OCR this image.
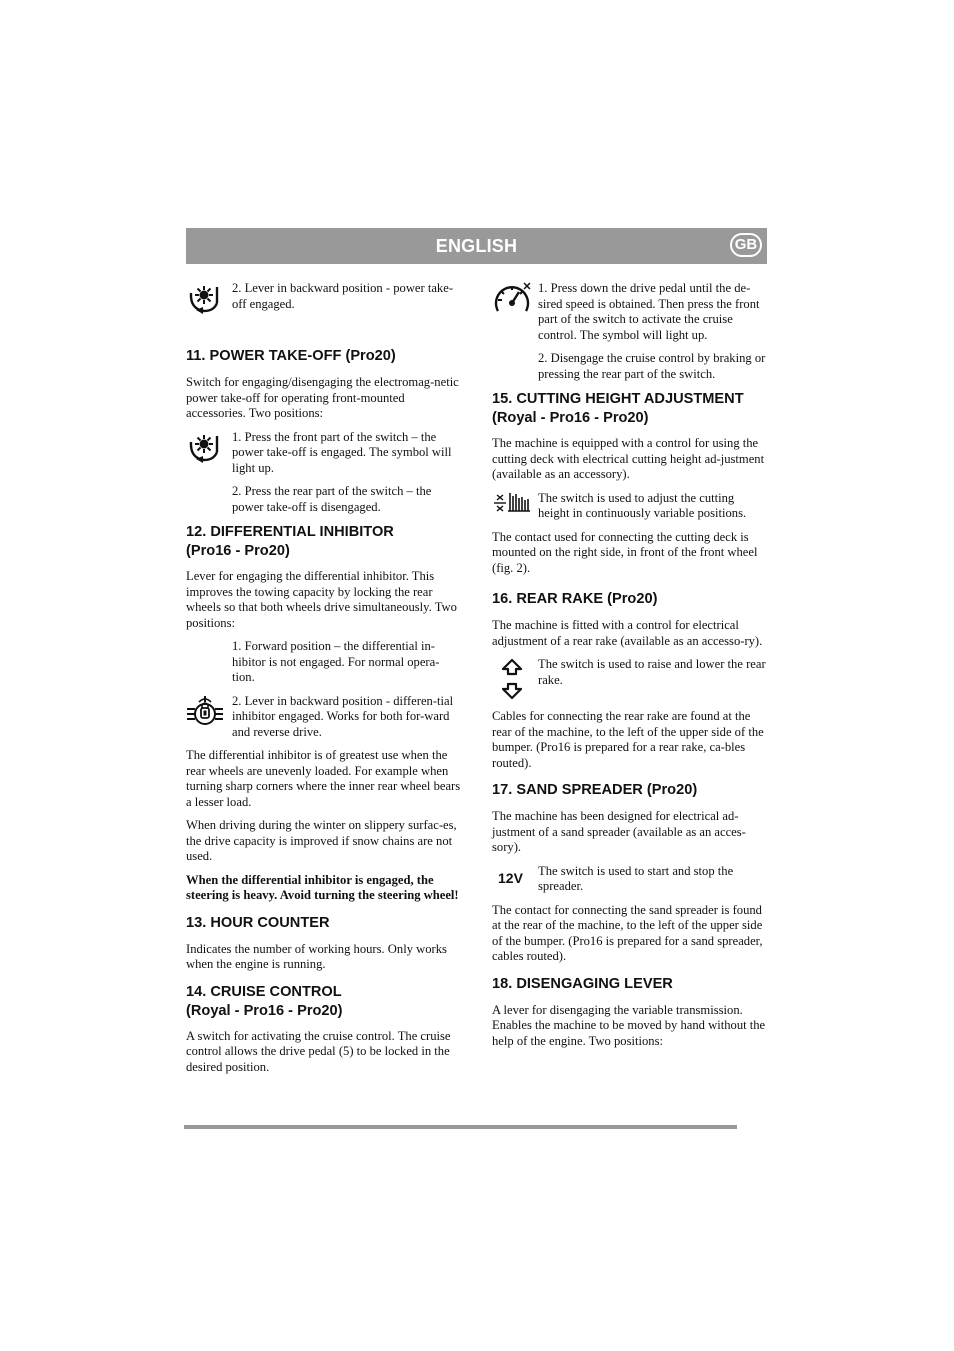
ENGLISH	GB

2. Lever in backward position - power take-off engaged.

11. POWER TAKE-OFF (Pro20)

Switch for engaging/disengaging the electromag-netic power take-off for operating front-mounted accessories. Two positions:

1. Press the front part of the switch – the power take-off is engaged. The symbol will light up.

2. Press the rear part of the switch – the power take-off is disengaged.

12. DIFFERENTIAL INHIBITOR
(Pro16 - Pro20)

Lever for engaging the differential inhibitor. This improves the towing capacity by locking the rear wheels so that both wheels drive simultaneously. Two positions:

1. Forward position – the differential in-hibitor is not engaged. For normal opera-tion.

2. Lever in backward position - differen-tial inhibitor engaged. Works for both for-ward and reverse drive.

The differential inhibitor is of greatest use when the rear wheels are unevenly loaded. For example when turning sharp corners where the inner rear wheel bears a lesser load.

When driving during the winter on slippery surfac-es, the drive capacity is improved if snow chains are not used.

When the differential inhibitor is engaged, the steering is heavy. Avoid turning the steering wheel!

13. HOUR COUNTER

Indicates the number of working hours. Only works when the engine is running.

14. CRUISE CONTROL
(Royal - Pro16 - Pro20)

A switch for activating the cruise control. The cruise control allows the drive pedal (5) to be locked in the desired position.

1. Press down the drive pedal until the de-sired speed is obtained. Then press the front part of the switch to activate the cruise control. The symbol will light up.

2. Disengage the cruise control by braking or pressing the rear part of the switch.

15. CUTTING HEIGHT ADJUSTMENT
(Royal - Pro16 - Pro20)

The machine is equipped with a control for using the cutting deck with electrical cutting height ad-justment (available as an accessory).

The switch is used to adjust the cutting height in continuously variable positions.

The contact used for connecting the cutting deck is mounted on the right side, in front of the front wheel (fig. 2).

16. REAR RAKE (Pro20)

The machine is fitted with a control for electrical adjustment of a rear rake (available as an accesso-ry).

The switch is used to raise and lower the rear rake.

Cables for connecting the rear rake are found at the rear of the machine, to the left of the upper side of the bumper. (Pro16 is prepared for a rear rake, ca-bles routed).

17. SAND SPREADER (Pro20)

The machine has been designed for electrical ad-justment of a sand spreader (available as an acces-sory).

12V The switch is used to start and stop the spreader.

The contact for connecting the sand spreader is found at the rear of the machine, to the left of the upper side of the bumper. (Pro16 is prepared for a sand spreader, cables routed).

18. DISENGAGING LEVER

A lever for disengaging the variable transmission. Enables the machine to be moved by hand without the help of the engine. Two positions:
